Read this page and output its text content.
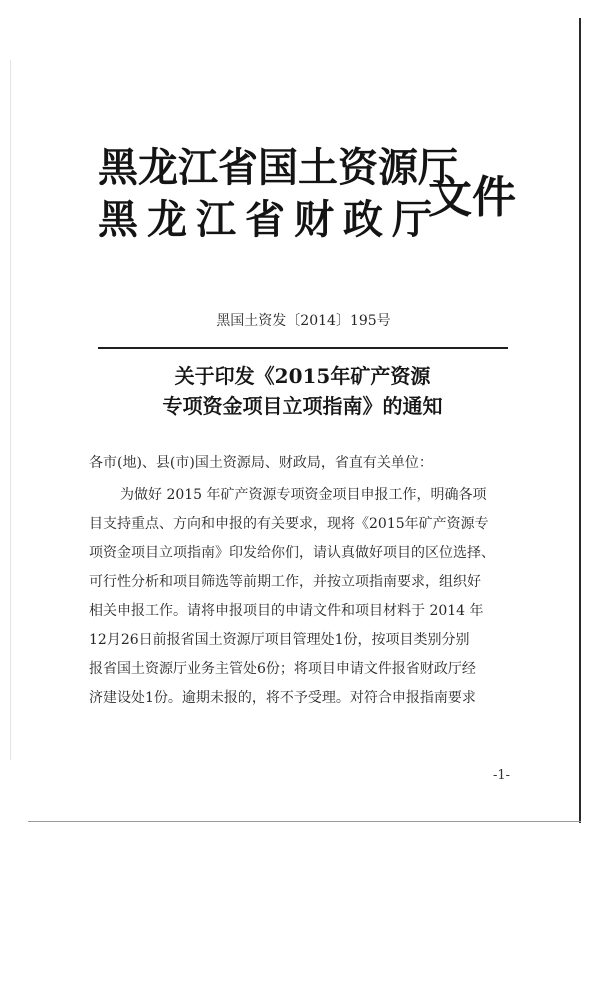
黑龙江省国土资源厅
黑龙江省财政厅
文件
黑国土资发〔2014〕195号
关于印发《2015年矿产资源
专项资金项目立项指南》的通知
各市(地)、县(市)国土资源局、财政局，省直有关单位：
为做好 2015 年矿产资源专项资金项目申报工作，明确各项
目支持重点、方向和申报的有关要求，现将《2015年矿产资源专
项资金项目立项指南》印发给你们，请认真做好项目的区位选择、
可行性分析和项目筛选等前期工作，并按立项指南要求，组织好
相关申报工作。请将申报项目的申请文件和项目材料于 2014 年
12月26日前报省国土资源厅项目管理处1份，按项目类别分别
报省国土资源厅业务主管处6份；将项目申请文件报省财政厅经
济建设处1份。逾期未报的，将不予受理。对符合申报指南要求
-1-
